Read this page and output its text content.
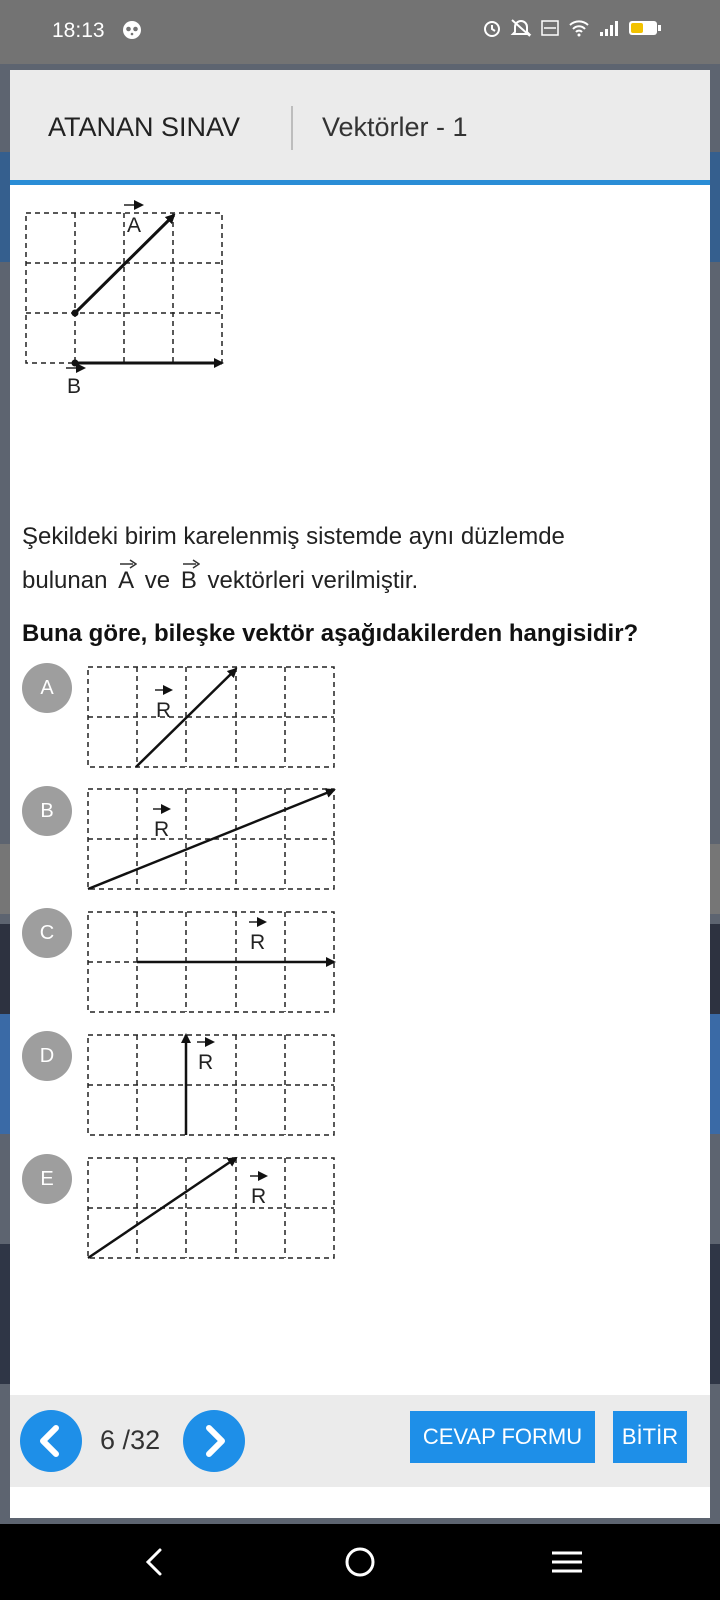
18:13
ATANAN SINAV	Vektörler - 1
A
B
Şekildeki birim karelenmiş sistemde aynı düzlemde
bulunan A ve B vektörleri verilmiştir.
Buna göre, bileşke vektör aşağıdakilerden hangisidir?
A
R
B
R
C	R
D	R
E
R
6 /32	CEVAP FORMU	BİTİR
